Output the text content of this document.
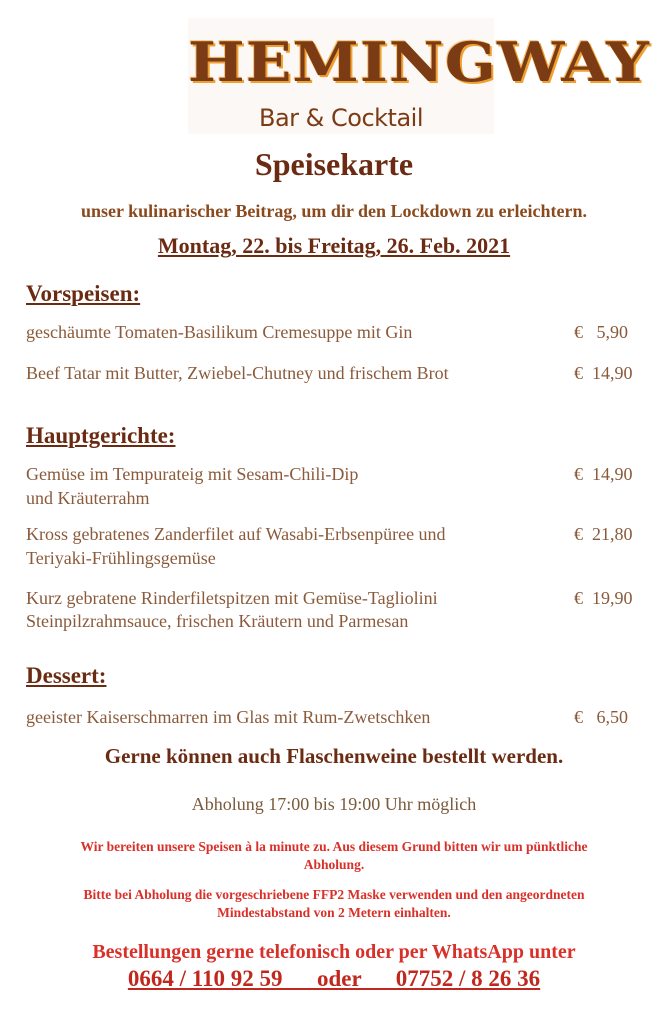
HEMINGWAY
Bar & Cocktail
Speisekarte
unser kulinarischer Beitrag, um dir den Lockdown zu erleichtern.
Montag, 22. bis Freitag, 26. Feb. 2021
Vorspeisen:
geschäumte Tomaten-Basilikum Cremesuppe mit Gin	€   5,90
Beef Tatar mit Butter, Zwiebel-Chutney und frischem Brot	€  14,90
Hauptgerichte:
Gemüse im Tempurateig mit Sesam-Chili-Dip
und Kräuterrahm
€  14,90
Kross gebratenes Zanderfilet auf Wasabi-Erbsenpüree und
Teriyaki-Frühlingsgemüse
€  21,80
Kurz gebratene Rinderfiletspitzen mit Gemüse-Tagliolini
Steinpilzrahmsauce, frischen Kräutern und Parmesan
€  19,90
Dessert:
geeister Kaiserschmarren im Glas mit Rum-Zwetschken	€   6,50
Gerne können auch Flaschenweine bestellt werden.
Abholung 17:00 bis 19:00 Uhr möglich
Wir bereiten unsere Speisen à la minute zu. Aus diesem Grund bitten wir um pünktliche
Abholung.
Bitte bei Abholung die vorgeschriebene FFP2 Maske verwenden und den angeordneten
Mindestabstand von 2 Metern einhalten.
Bestellungen gerne telefonisch oder per WhatsApp unter
0664 / 110 92 59      oder      07752 / 8 26 36
